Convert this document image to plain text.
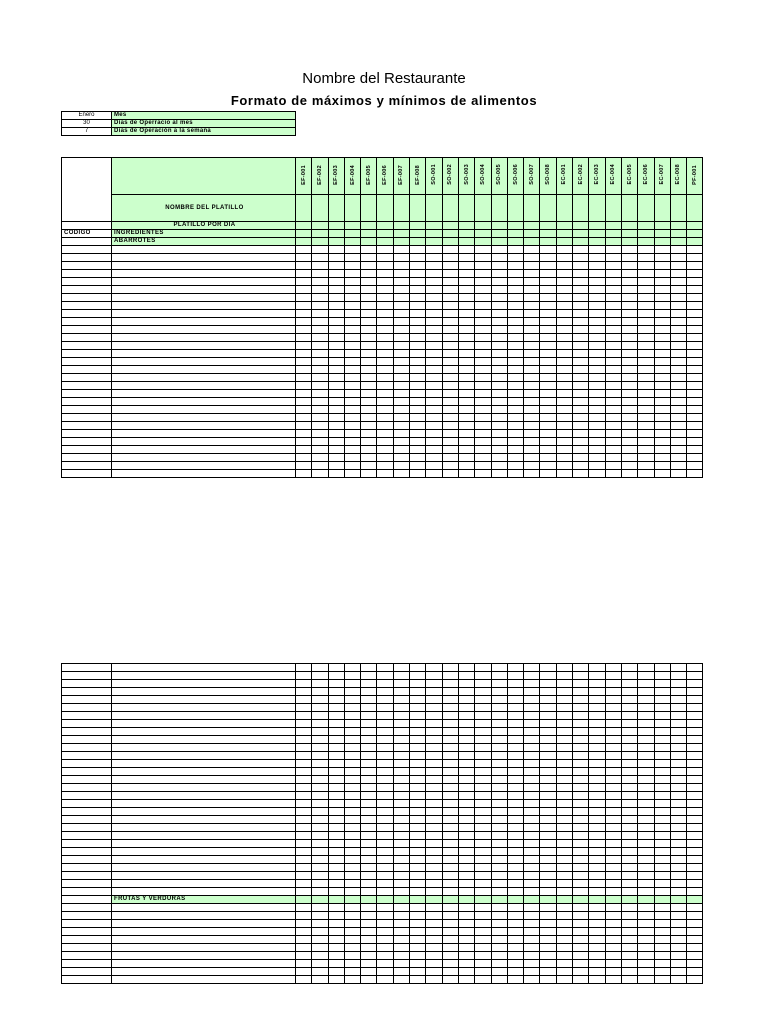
Nombre del Restaurante
Formato de máximos y mínimos de alimentos
Enero	Mes
30	Días de Operracio al mes
7	Días de Operación a la semana
		EF-001	EF-002	EF-003	EF-004	EF-005	EF-006	EF-007	EF-008	SO-001	SO-002	SO-003	SO-004	SO-005	SO-006	SO-007	SO-008	EC-001	EC-002	EC-003	EC-004	EC-005	EC-006	EC-007	EC-008	PF-001
	NOMBRE DEL PLATILLO																									
	PLATILLO POR DIA																									
CÓDIGO	INGREDIENTES																									
	ABARROTES																									

	FRUTAS Y VERDURAS																									
